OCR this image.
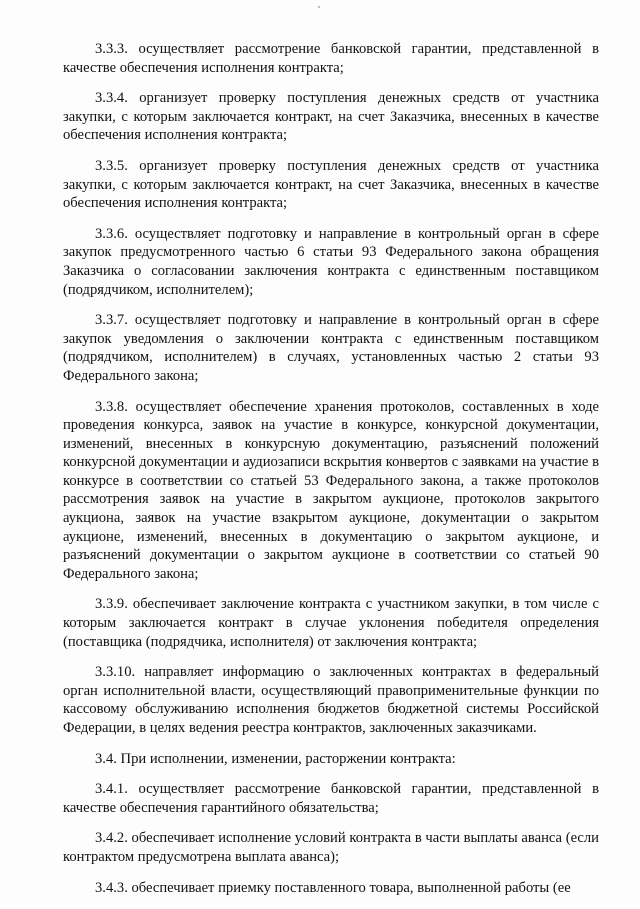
3.3.3. осуществляет рассмотрение банковской гарантии, представленной в качестве обеспечения исполнения контракта;

3.3.4. организует проверку поступления денежных средств от участника закупки, с которым заключается контракт, на счет Заказчика, внесенных в качестве обеспечения исполнения контракта;

3.3.5. организует проверку поступления денежных средств от участника закупки, с которым заключается контракт, на счет Заказчика, внесенных в качестве обеспечения исполнения контракта;

3.3.6. осуществляет подготовку и направление в контрольный орган в сфере закупок предусмотренного частью 6 статьи 93 Федерального закона обращения Заказчика о согласовании заключения контракта с единственным поставщиком (подрядчиком, исполнителем);

3.3.7. осуществляет подготовку и направление в контрольный орган в сфере закупок уведомления о заключении контракта с единственным поставщиком (подрядчиком, исполнителем) в случаях, установленных частью 2 статьи 93 Федерального закона;

3.3.8. осуществляет обеспечение хранения протоколов, составленных в ходе проведения конкурса, заявок на участие в конкурсе, конкурсной документации, изменений, внесенных в конкурсную документацию, разъяснений положений конкурсной документации и аудиозаписи вскрытия конвертов с заявками на участие в конкурсе в соответствии со статьей 53 Федерального закона, а также протоколов рассмотрения заявок на участие в закрытом аукционе, протоколов закрытого аукциона, заявок на участие взакрытом аукционе, документации о закрытом аукционе, изменений, внесенных в документацию о закрытом аукционе, и разъяснений документации о закрытом аукционе в соответствии со статьей 90 Федерального закона;

3.3.9. обеспечивает заключение контракта с участником закупки, в том числе с которым заключается контракт в случае уклонения победителя определения (поставщика (подрядчика, исполнителя) от заключения контракта;

3.3.10. направляет информацию о заключенных контрактах в федеральный орган исполнительной власти, осуществляющий правоприменительные функции по кассовому обслуживанию исполнения бюджетов бюджетной системы Российской Федерации, в целях ведения реестра контрактов, заключенных заказчиками.

3.4. При исполнении, изменении, расторжении контракта:

3.4.1. осуществляет рассмотрение банковской гарантии, представленной в качестве обеспечения гарантийного обязательства;

3.4.2. обеспечивает исполнение условий контракта в части выплаты аванса (если контрактом предусмотрена выплата аванса);

3.4.3. обеспечивает приемку поставленного товара, выполненной работы (ее
